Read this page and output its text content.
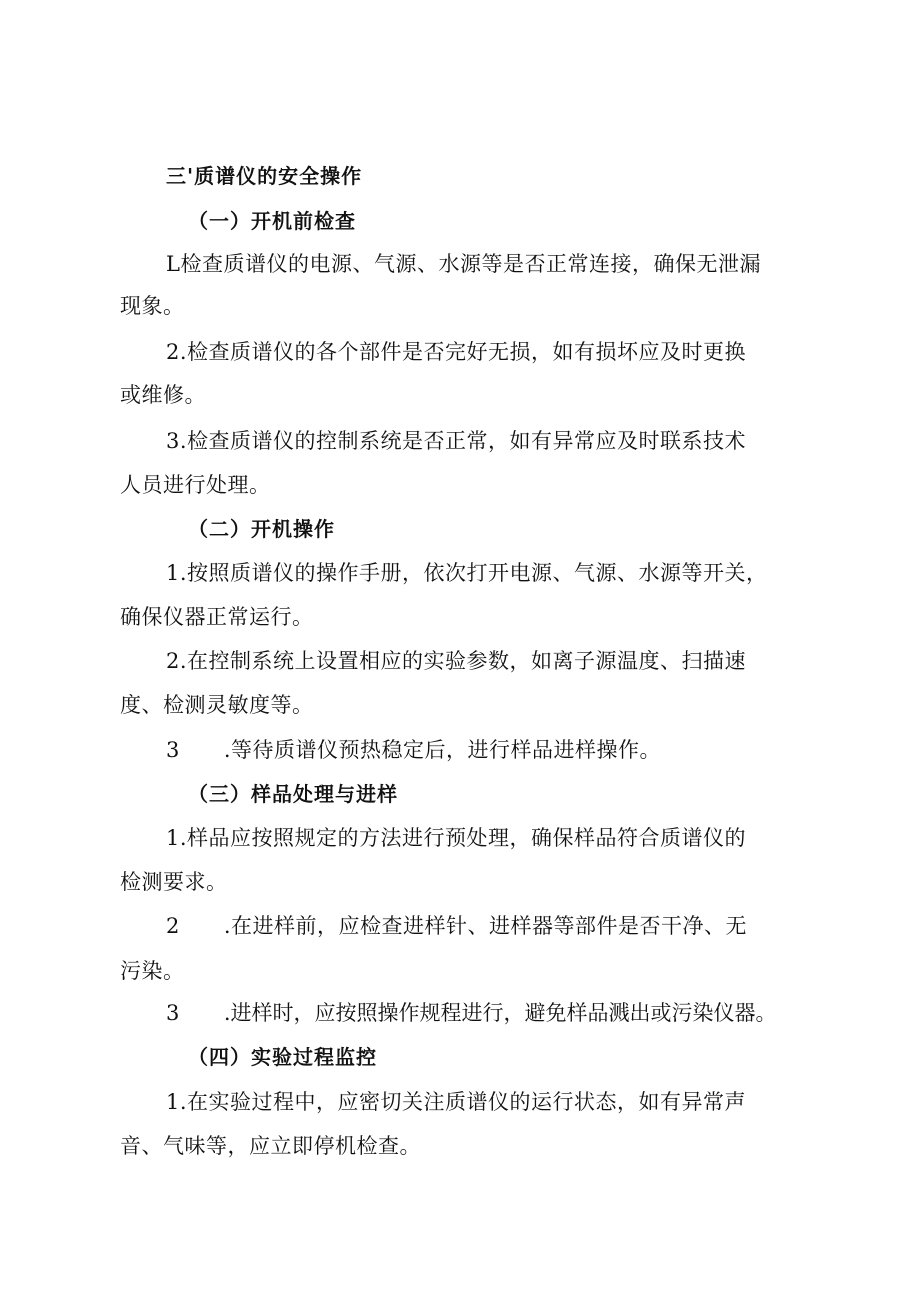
三'质谱仪的安全操作
（一）开机前检查
L检查质谱仪的电源、气源、水源等是否正常连接，确保无泄漏
现象。
2.检查质谱仪的各个部件是否完好无损，如有损坏应及时更换
或维修。
3.检查质谱仪的控制系统是否正常，如有异常应及时联系技术
人员进行处理。
（二）开机操作
1.按照质谱仪的操作手册，依次打开电源、气源、水源等开关，
确保仪器正常运行。
2.在控制系统上设置相应的实验参数，如离子源温度、扫描速
度、检测灵敏度等。
3 .等待质谱仪预热稳定后，进行样品进样操作。
（三）样品处理与进样
1.样品应按照规定的方法进行预处理，确保样品符合质谱仪的
检测要求。
2 .在进样前，应检查进样针、进样器等部件是否干净、无
污染。
3 .进样时，应按照操作规程进行，避免样品溅出或污染仪器。
（四）实验过程监控
1.在实验过程中，应密切关注质谱仪的运行状态，如有异常声
音、气味等，应立即停机检查。
